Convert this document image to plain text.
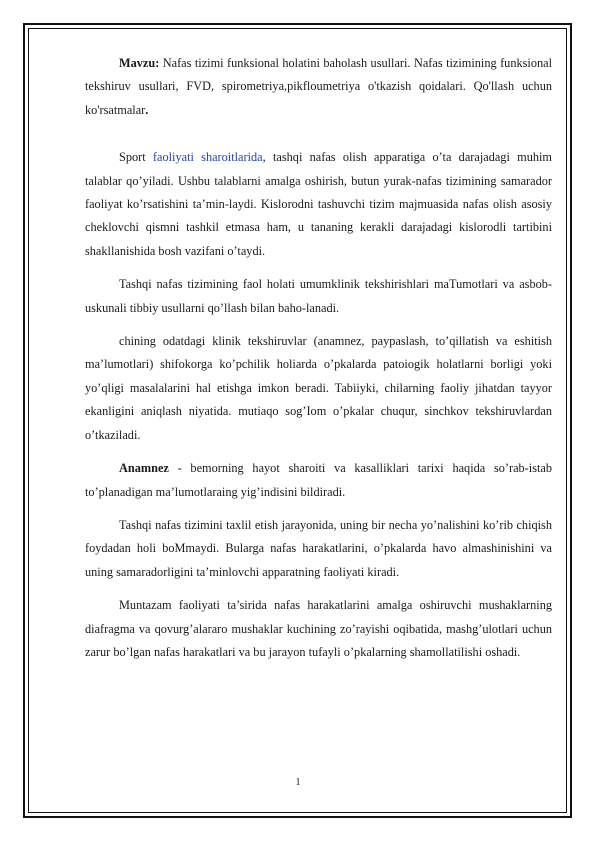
Mavzu: Nafas tizimi funksional holatini baholash usullari. Nafas tizimining funksional tekshiruv usullari, FVD, spirometriya,pikfloumetriya o'tkazish qoidalari. Qo'llash uchun ko'rsatmalar.

Sport faoliyati sharoitlarida, tashqi nafas olish apparatiga o’ta darajadagi muhim talablar qo’yiladi. Ushbu talablarni amalga oshirish, butun yurak-nafas tizimining samarador faoliyat ko’rsatishini ta’min-laydi. Kislorodni tashuvchi tizim majmuasida nafas olish asosiy cheklovchi qismni tashkil etmasa ham, u tananing kerakli darajadagi kislorodli tartibini shakllanishida bosh vazifani o’taydi.

Tashqi nafas tizimining faol holati umumklinik tekshirishlari maTumotlari va asbob-uskunali tibbiy usullarni qo’llash bilan baho-lanadi.

chining odatdagi klinik tekshiruvlar (anamnez, paypaslash, to’qillatish va eshitish ma’lumotlari) shifokorga ko’pchilik holiarda o’pkalarda patoiogik holatlarni borligi yoki yo’qligi masalalarini hal etishga imkon beradi. Tabiiyki, chilarning faoliy jihatdan tayyor ekanligini aniqlash niyatida. mutiaqo sog’Iom o’pkalar chuqur, sinchkov tekshiruvlardan o’tkaziladi.

Anamnez - bemorning hayot sharoiti va kasalliklari tarixi haqida so’rab-istab to’planadigan ma’lumotlaraing yig’indisini bildiradi.

Tashqi nafas tizimini taxlil etish jarayonida, uning bir necha yo’nalishini ko’rib chiqish foydadan holi boMmaydi. Bularga nafas harakatlarini, o’pkalarda havo almashinishini va uning samaradorligini ta’minlovchi apparatning faoliyati kiradi.

Muntazam faoliyati ta’sirida nafas harakatlarini amalga oshiruvchi mushaklarning diafragma va qovurg’alararo mushaklar kuchining zo’rayishi oqibatida, mashg’ulotlari uchun zarur bo’lgan nafas harakatlari va bu jarayon tufayli o’pkalarning shamollatilishi oshadi.

1
